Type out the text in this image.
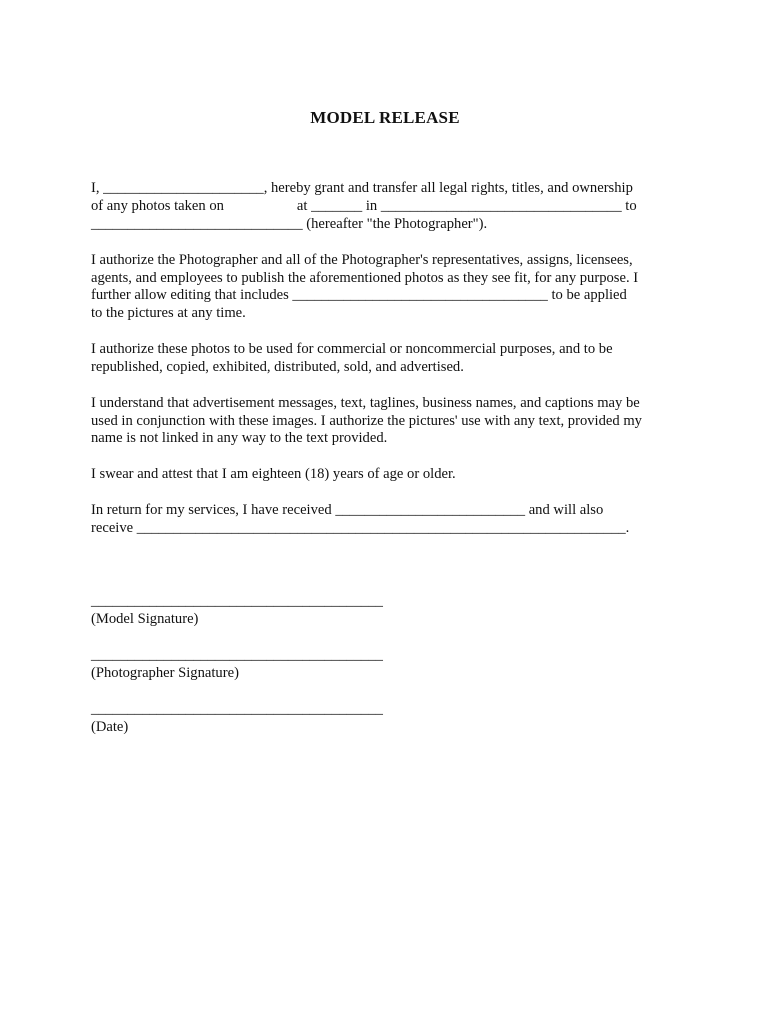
MODEL RELEASE

I, ______________________, hereby grant and transfer all legal rights, titles, and ownership

of any photos taken on                    at _______ in _________________________________ to

_____________________________ (hereafter "the Photographer").

I authorize the Photographer and all of the Photographer's representatives, assigns, licensees,

agents, and employees to publish the aforementioned photos as they see fit, for any purpose. I

further allow editing that includes ___________________________________ to be applied

to the pictures at any time.

I authorize these photos to be used for commercial or noncommercial purposes, and to be

republished, copied, exhibited, distributed, sold, and advertised.

I understand that advertisement messages, text, taglines, business names, and captions may be

used in conjunction with these images. I authorize the pictures' use with any text, provided my

name is not linked in any way to the text provided.

I swear and attest that I am eighteen (18) years of age or older.

In return for my services, I have received __________________________ and will also

receive ___________________________________________________________________.

________________________________________

(Model Signature)

________________________________________

(Photographer Signature)

________________________________________

(Date)
